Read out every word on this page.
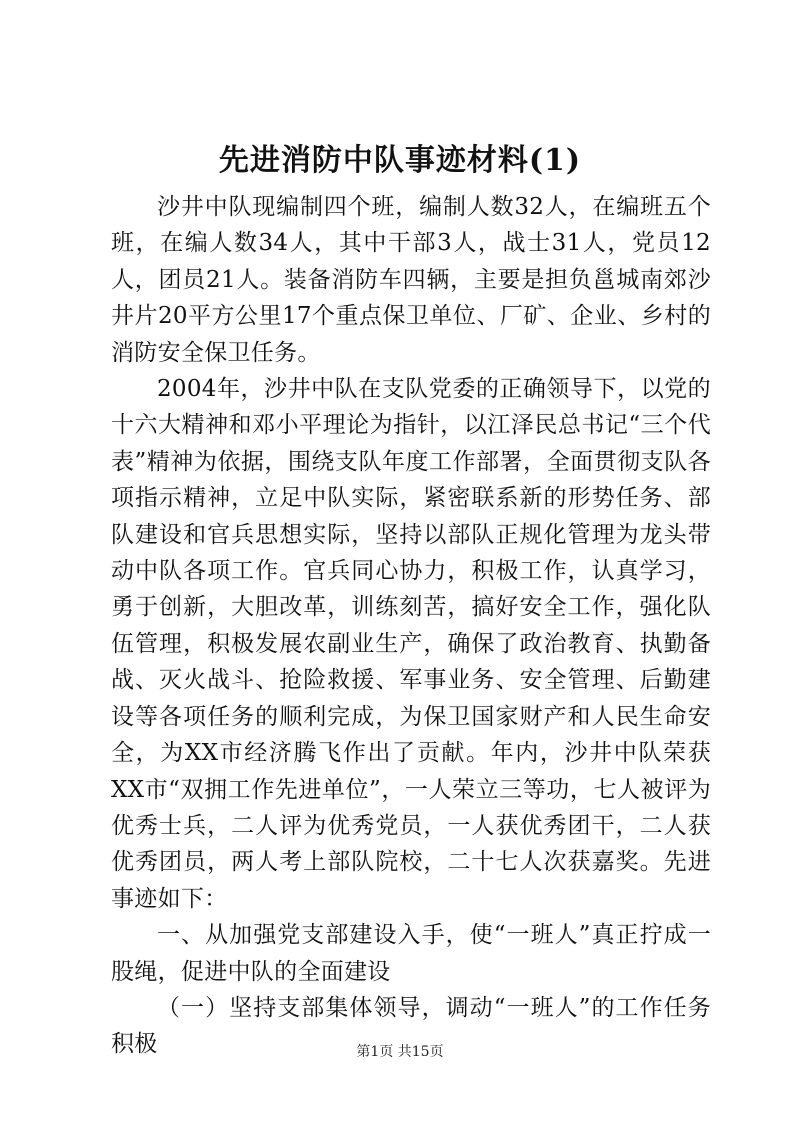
先进消防中队事迹材料(1)

沙井中队现编制四个班，编制人数32人，在编班五个班，在编人数34人，其中干部3人，战士31人，党员12人，团员21人。装备消防车四辆，主要是担负邕城南郊沙井片20平方公里17个重点保卫单位、厂矿、企业、乡村的消防安全保卫任务。

2004年，沙井中队在支队党委的正确领导下，以党的十六大精神和邓小平理论为指针，以江泽民总书记“三个代表”精神为依据，围绕支队年度工作部署，全面贯彻支队各项指示精神，立足中队实际，紧密联系新的形势任务、部队建设和官兵思想实际，坚持以部队正规化管理为龙头带动中队各项工作。官兵同心协力，积极工作，认真学习，勇于创新，大胆改革，训练刻苦，搞好安全工作，强化队伍管理，积极发展农副业生产，确保了政治教育、执勤备战、灭火战斗、抢险救援、军事业务、安全管理、后勤建设等各项任务的顺利完成，为保卫国家财产和人民生命安全，为XX市经济腾飞作出了贡献。年内，沙井中队荣获XX市“双拥工作先进单位”，一人荣立三等功，七人被评为优秀士兵，二人评为优秀党员，一人获优秀团干，二人获优秀团员，两人考上部队院校，二十七人次获嘉奖。先进事迹如下：

一、从加强党支部建设入手，使“一班人”真正拧成一股绳，促进中队的全面建设

（一）坚持支部集体领导，调动“一班人”的工作任务积极	第1页 共15页
